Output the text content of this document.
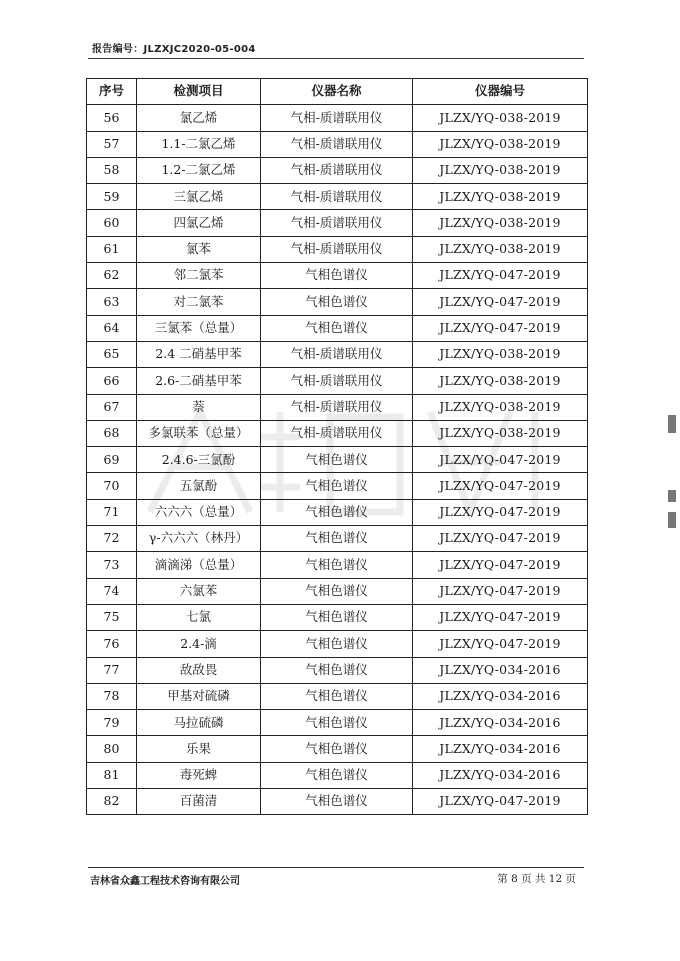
报告编号：JLZXJC2020-05-004
序号	检测项目	仪器名称	仪器编号
56	氯乙烯	气相-质谱联用仪	JLZX/YQ-038-2019
57	1.1-二氯乙烯	气相-质谱联用仪	JLZX/YQ-038-2019
58	1.2-二氯乙烯	气相-质谱联用仪	JLZX/YQ-038-2019
59	三氯乙烯	气相-质谱联用仪	JLZX/YQ-038-2019
60	四氯乙烯	气相-质谱联用仪	JLZX/YQ-038-2019
61	氯苯	气相-质谱联用仪	JLZX/YQ-038-2019
62	邻二氯苯	气相色谱仪	JLZX/YQ-047-2019
63	对二氯苯	气相色谱仪	JLZX/YQ-047-2019
64	三氯苯（总量）	气相色谱仪	JLZX/YQ-047-2019
65	2.4 二硝基甲苯	气相-质谱联用仪	JLZX/YQ-038-2019
66	2.6-二硝基甲苯	气相-质谱联用仪	JLZX/YQ-038-2019
67	萘	气相-质谱联用仪	JLZX/YQ-038-2019
68	多氯联苯（总量）	气相-质谱联用仪	JLZX/YQ-038-2019
69	2.4.6-三氯酚	气相色谱仪	JLZX/YQ-047-2019
70	五氯酚	气相色谱仪	JLZX/YQ-047-2019
71	六六六（总量）	气相色谱仪	JLZX/YQ-047-2019
72	γ-六六六（林丹）	气相色谱仪	JLZX/YQ-047-2019
73	滴滴涕（总量）	气相色谱仪	JLZX/YQ-047-2019
74	六氯苯	气相色谱仪	JLZX/YQ-047-2019
75	七氯	气相色谱仪	JLZX/YQ-047-2019
76	2.4-滴	气相色谱仪	JLZX/YQ-047-2019
77	敌敌畏	气相色谱仪	JLZX/YQ-034-2016
78	甲基对硫磷	气相色谱仪	JLZX/YQ-034-2016
79	马拉硫磷	气相色谱仪	JLZX/YQ-034-2016
80	乐果	气相色谱仪	JLZX/YQ-034-2016
81	毒死蜱	气相色谱仪	JLZX/YQ-034-2016
82	百菌清	气相色谱仪	JLZX/YQ-047-2019
吉林省众鑫工程技术咨询有限公司	第 8 页 共 12 页
